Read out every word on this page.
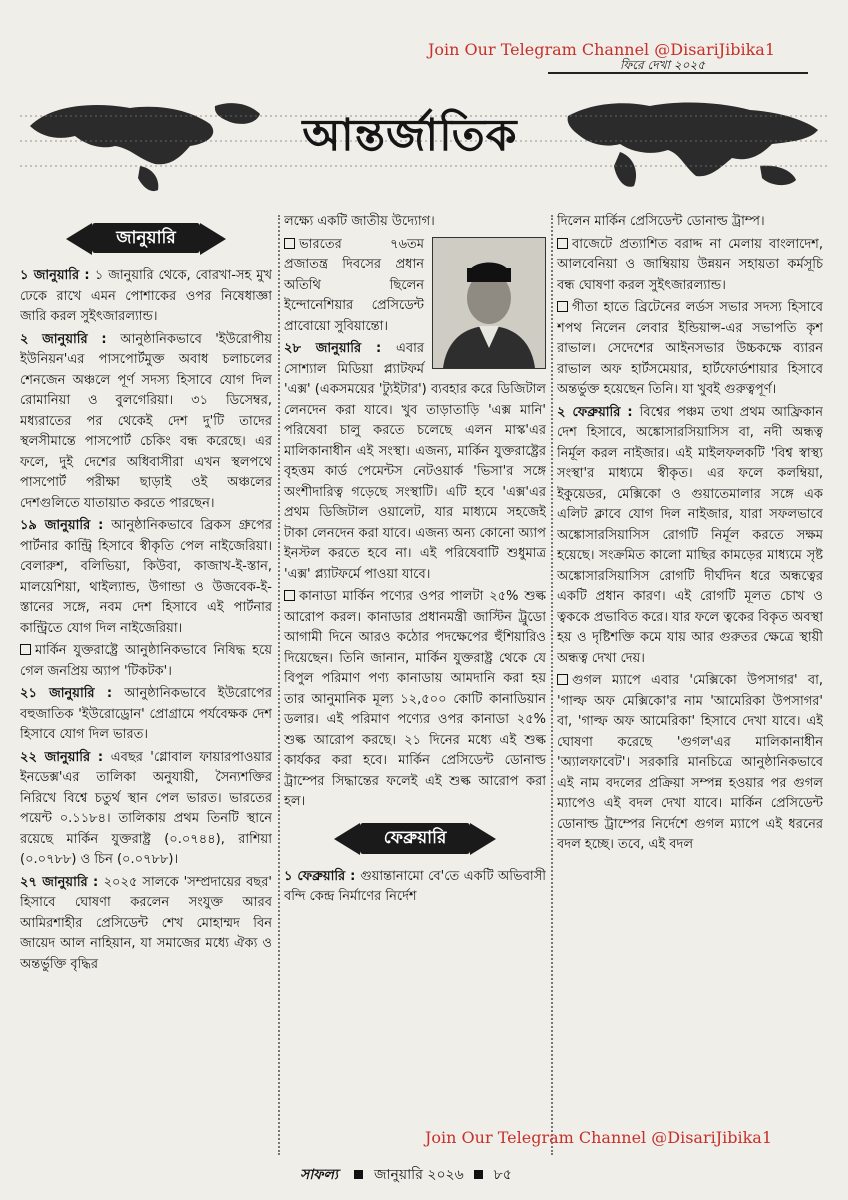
Join Our Telegram Channel @DisariJibika1
ফিরে দেখা ২০২৫
আন্তর্জাতিক
জানুয়ারি

১ জানুয়ারি : ১ জানুয়ারি থেকে, বোরখা-সহ মুখ ঢেকে রাখে এমন পোশাকের ওপর নিষেধাজ্ঞা জারি করল সুইৎজারল্যান্ড।

২ জানুয়ারি : আনুষ্ঠানিকভাবে 'ইউরোপীয় ইউনিয়ন'এর পাসপোর্টমুক্ত অবাধ চলাচলের শেনজেন অঞ্চলে পূর্ণ সদস্য হিসাবে যোগ দিল রোমানিয়া ও বুলগেরিয়া। ৩১ ডিসেম্বর, মধ্যরাতের পর থেকেই দেশ দু'টি তাদের স্থলসীমান্তে পাসপোর্ট চেকিং বন্ধ করেছে। এর ফলে, দুই দেশের অধিবাসীরা এখন স্থলপথে পাসপোর্ট পরীক্ষা ছাড়াই ওই অঞ্চলের দেশগুলিতে যাতায়াত করতে পারছেন।

১৯ জানুয়ারি : আনুষ্ঠানিকভাবে ব্রিকস গ্রুপের পার্টনার কান্ট্রি হিসাবে স্বীকৃতি পেল নাইজেরিয়া। বেলারুশ, বলিভিয়া, কিউবা, কাজাখ-ই-স্তান, মালয়েশিয়া, থাইল্যান্ড, উগান্ডা ও উজবেক-ই-স্তানের সঙ্গে, নবম দেশ হিসাবে এই পার্টনার কান্ট্রিতে যোগ দিল নাইজেরিয়া।

মার্কিন যুক্তরাষ্ট্রে আনুষ্ঠানিকভাবে নিষিদ্ধ হয়ে গেল জনপ্রিয় অ্যাপ 'টিকটক'।

২১ জানুয়ারি : আনুষ্ঠানিকভাবে ইউরোপের বহুজাতিক 'ইউরোড্রোন' প্রোগ্রামে পর্যবেক্ষক দেশ হিসাবে যোগ দিল ভারত।

২২ জানুয়ারি : এবছর 'গ্লোবাল ফায়ারপাওয়ার ইনডেক্স'এর তালিকা অনুযায়ী, সৈন্যশক্তির নিরিখে বিশ্বে চতুর্থ স্থান পেল ভারত। ভারতের পয়েন্ট ০.১১৮৪। তালিকায় প্রথম তিনটি স্থানে রয়েছে মার্কিন যুক্তরাষ্ট্র (০.০৭৪৪), রাশিয়া (০.০৭৮৮) ও চিন (০.০৭৮৮)।

২৭ জানুয়ারি : ২০২৫ সালকে 'সম্প্রদায়ের বছর' হিসাবে ঘোষণা করলেন সংযুক্ত আরব আমিরশাহীর প্রেসিডেন্ট শেখ মোহাম্মদ বিন জায়েদ আল নাহিয়ান, যা সমাজের মধ্যে ঐক্য ও অন্তর্ভুক্তি বৃদ্ধির

লক্ষ্যে একটি জাতীয় উদ্যোগ।

ভারতের ৭৬তম প্রজাতন্ত্র দিবসের প্রধান অতিথি ছিলেন ইন্দোনেশিয়ার প্রেসিডেন্ট প্রাবোয়ো সুবিয়ান্তো।

২৮ জানুয়ারি : এবার সোশ্যাল মিডিয়া প্ল্যাটফর্ম 'এক্স' (একসময়ের 'ট্যুইটার') ব্যবহার করে ডিজিটাল লেনদেন করা যাবে। খুব তাড়াতাড়ি 'এক্স মানি' পরিষেবা চালু করতে চলেছে এলন মাস্ক'এর মালিকানাধীন এই সংস্থা। এজন্য, মার্কিন যুক্তরাষ্ট্রের বৃহত্তম কার্ড পেমেন্টস নেটওয়ার্ক 'ভিসা'র সঙ্গে অংশীদারিত্ব গড়েছে সংস্থাটি। এটি হবে 'এক্স'এর প্রথম ডিজিটাল ওয়ালেট, যার মাধ্যমে সহজেই টাকা লেনদেন করা যাবে। এজন্য অন্য কোনো অ্যাপ ইনস্টল করতে হবে না। এই পরিষেবাটি শুধুমাত্র 'এক্স' প্ল্যাটফর্মে পাওয়া যাবে।

কানাডা মার্কিন পণ্যের ওপর পালটা ২৫% শুল্ক আরোপ করল। কানাডার প্রধানমন্ত্রী জাস্টিন ট্রুডো আগামী দিনে আরও কঠোর পদক্ষেপের হুঁশিয়ারিও দিয়েছেন। তিনি জানান, মার্কিন যুক্তরাষ্ট্র থেকে যে বিপুল পরিমাণ পণ্য কানাডায় আমদানি করা হয় তার আনুমানিক মূল্য ১২,৫০০ কোটি কানাডিয়ান ডলার। এই পরিমাণ পণ্যের ওপর কানাডা ২৫% শুল্ক আরোপ করছে। ২১ দিনের মধ্যে এই শুল্ক কার্যকর করা হবে। মার্কিন প্রেসিডেন্ট ডোনাল্ড ট্রাম্পের সিদ্ধান্তের ফলেই এই শুল্ক আরোপ করা হল।

ফেব্রুয়ারি

১ ফেব্রুয়ারি : গুয়ান্তানামো বে'তে একটি অভিবাসী বন্দি কেন্দ্র নির্মাণের নির্দেশ

দিলেন মার্কিন প্রেসিডেন্ট ডোনাল্ড ট্রাম্প।

বাজেটে প্রত্যাশিত বরাদ্দ না মেলায় বাংলাদেশ, আলবেনিয়া ও জাম্বিয়ায় উন্নয়ন সহায়তা কর্মসূচি বন্ধ ঘোষণা করল সুইৎজারল্যান্ড।

গীতা হাতে ব্রিটেনের লর্ডস সভার সদস্য হিসাবে শপথ নিলেন লেবার ইন্ডিয়ান্স-এর সভাপতি কৃশ রাভাল। সেদেশের আইনসভার উচ্চকক্ষে ব্যারন রাভাল অফ হার্টসমেয়ার, হার্টফোর্ডশায়ার হিসাবে অন্তর্ভুক্ত হয়েছেন তিনি। যা খুবই গুরুত্বপূর্ণ।

২ ফেব্রুয়ারি : বিশ্বের পঞ্চম তথা প্রথম আফ্রিকান দেশ হিসাবে, অঙ্কোসারসিয়াসিস বা, নদী অন্ধত্ব নির্মূল করল নাইজার। এই মাইলফলকটি 'বিশ্ব স্বাস্থ্য সংস্থা'র মাধ্যমে স্বীকৃত। এর ফলে কলম্বিয়া, ইকুয়েডর, মেক্সিকো ও গুয়াতেমালার সঙ্গে এক এলিট ক্লাবে যোগ দিল নাইজার, যারা সফলভাবে অঙ্কোসারসিয়াসিস রোগটি নির্মূল করতে সক্ষম হয়েছে। সংক্রমিত কালো মাছির কামড়ের মাধ্যমে সৃষ্ট অঙ্কোসারসিয়াসিস রোগটি দীর্ঘদিন ধরে অন্ধত্বের একটি প্রধান কারণ। এই রোগটি মূলত চোখ ও ত্বককে প্রভাবিত করে। যার ফলে ত্বকের বিকৃত অবস্থা হয় ও দৃষ্টিশক্তি কমে যায় আর গুরুতর ক্ষেত্রে স্থায়ী অন্ধত্ব দেখা দেয়।

গুগল ম্যাপে এবার 'মেক্সিকো উপসাগর' বা, 'গাল্ফ অফ মেক্সিকো'র নাম 'আমেরিকা উপসাগর' বা, 'গাল্ফ অফ আমেরিকা' হিসাবে দেখা যাবে। এই ঘোষণা করেছে 'গুগল'এর মালিকানাধীন 'অ্যালফাবেট'। সরকারি মানচিত্রে আনুষ্ঠানিকভাবে এই নাম বদলের প্রক্রিয়া সম্পন্ন হওয়ার পর গুগল ম্যাপেও এই বদল দেখা যাবে। মার্কিন প্রেসিডেন্ট ডোনাল্ড ট্রাম্পের নির্দেশে গুগল ম্যাপে এই ধরনের বদল হচ্ছে। তবে, এই বদল

Join Our Telegram Channel @DisariJibika1
সাফল্য	জানুয়ারি ২০২৬ ৮৫
